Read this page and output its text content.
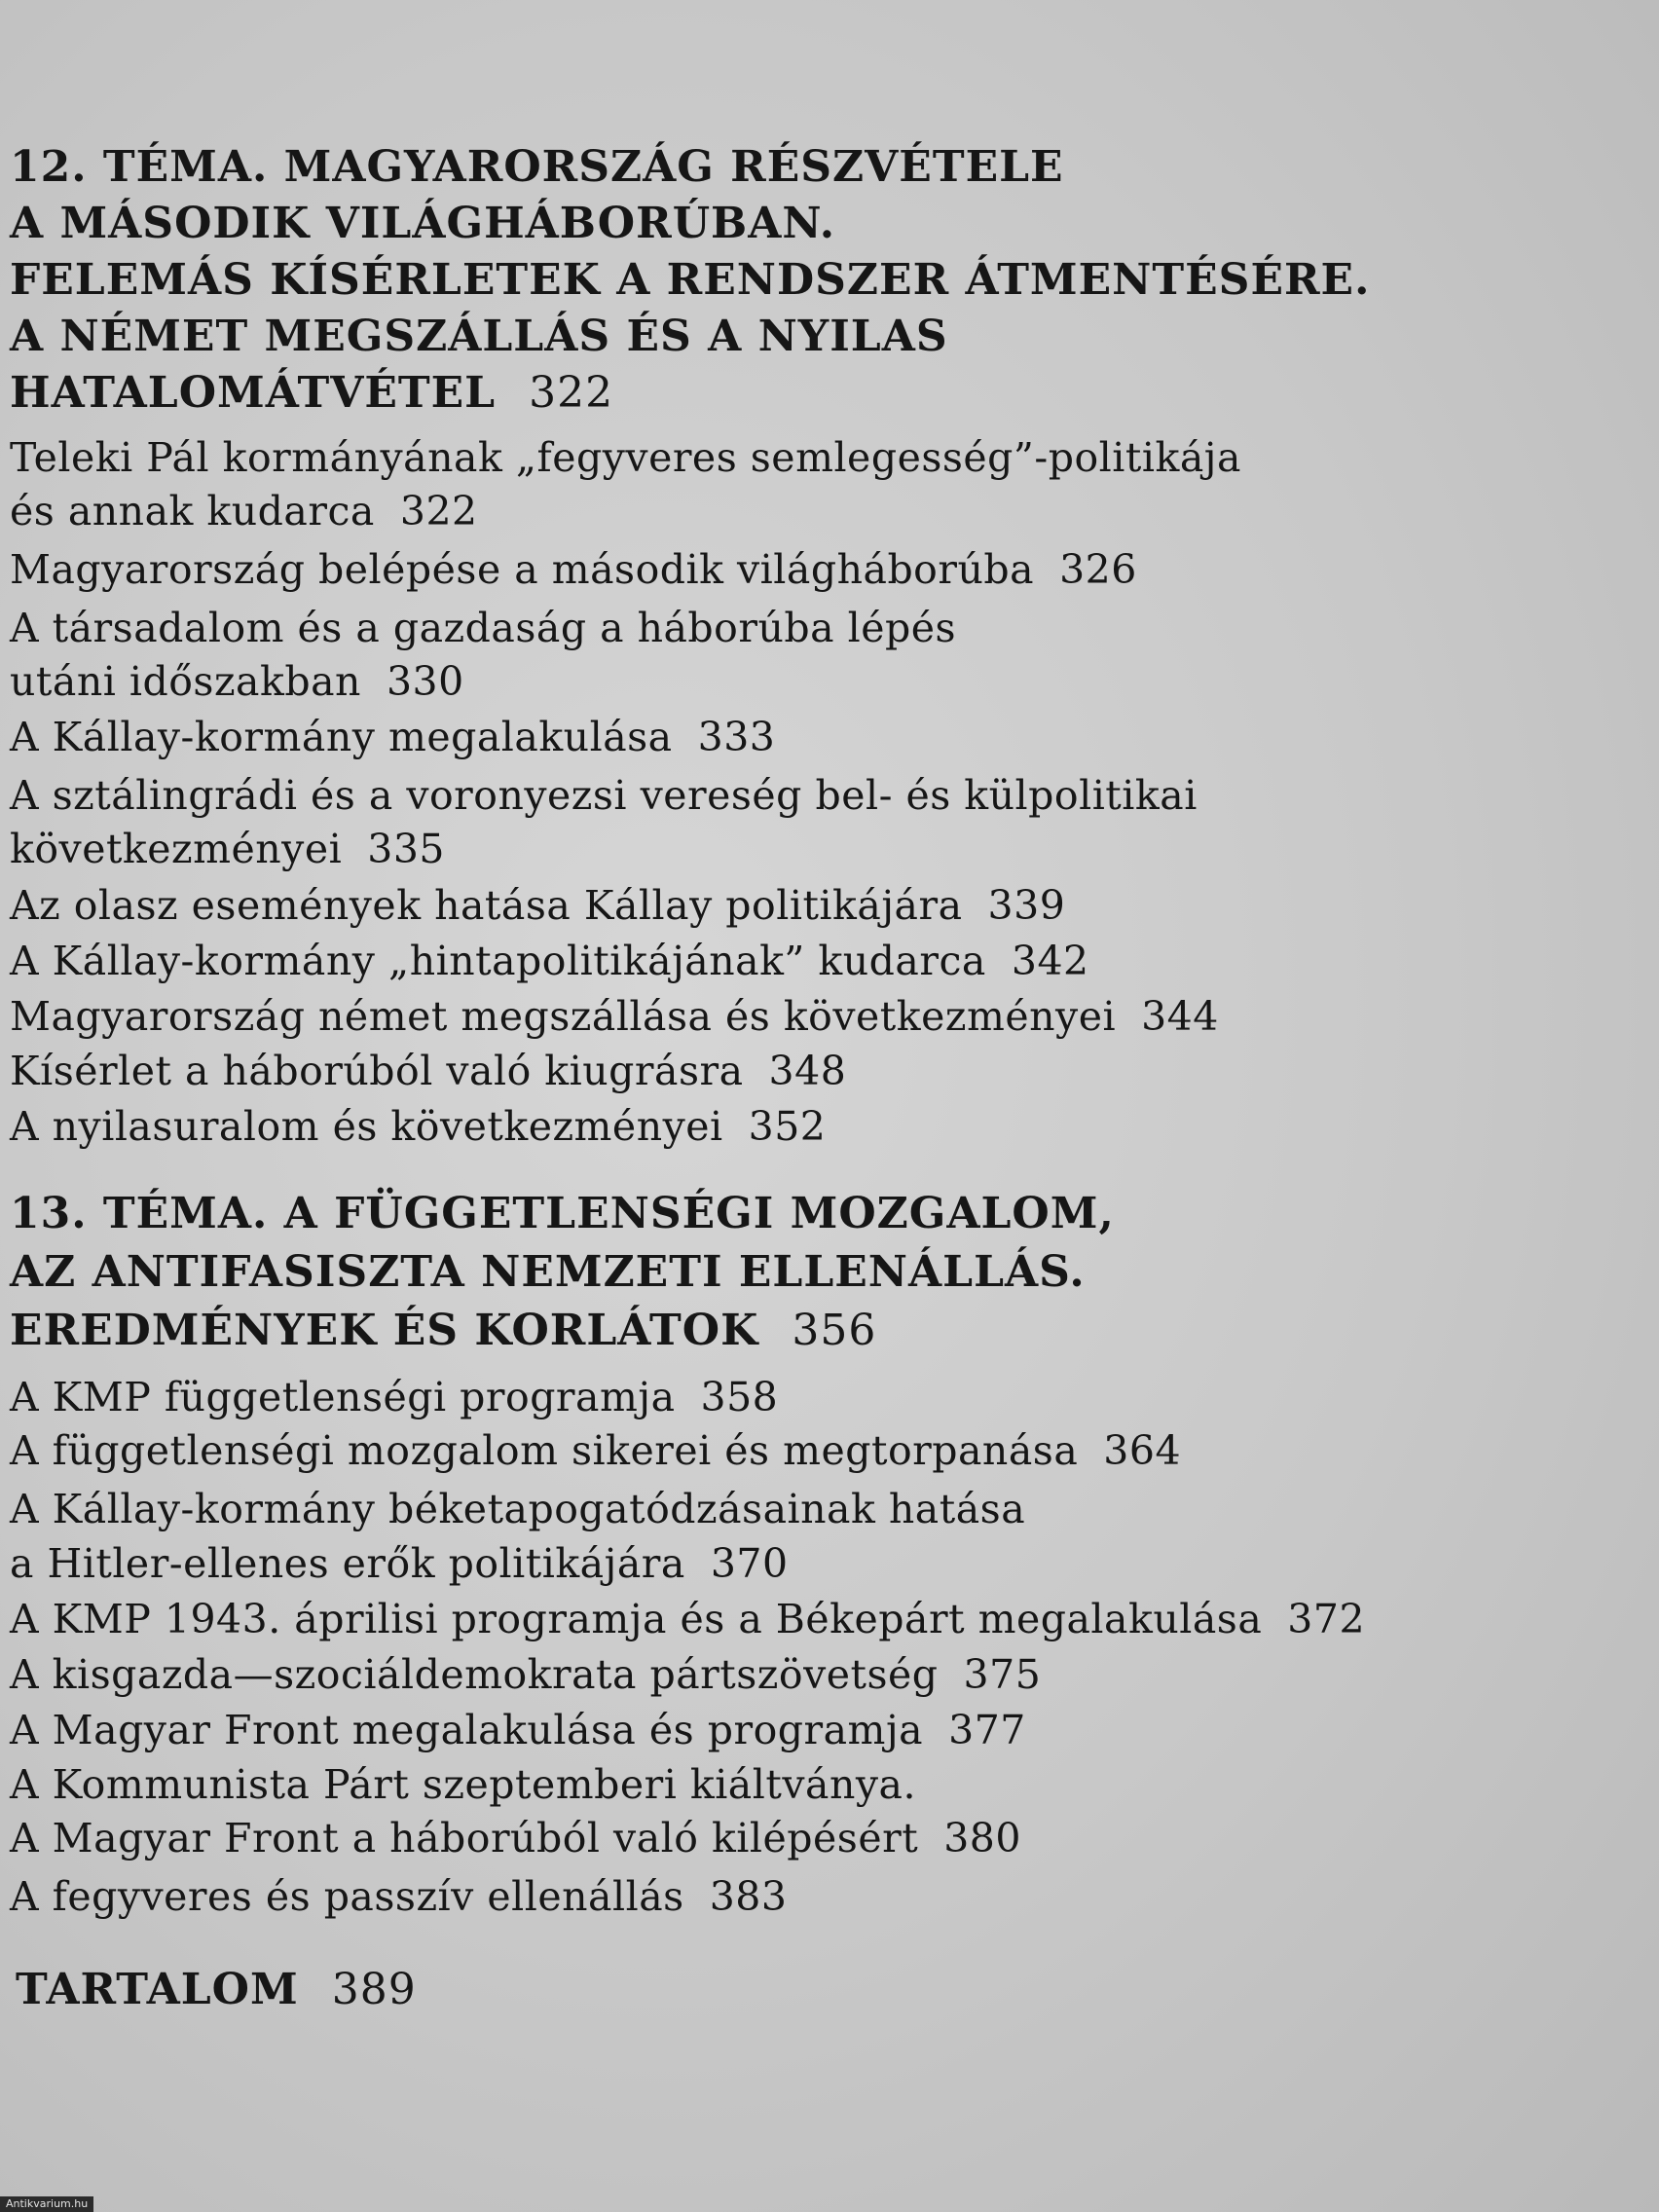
12. TÉMA. MAGYARORSZÁG RÉSZVÉTELE
A MÁSODIK VILÁGHÁBORÚBAN.
FELEMÁS KÍSÉRLETEK A RENDSZER ÁTMENTÉSÉRE.
A NÉMET MEGSZÁLLÁS ÉS A NYILAS
HATALOMÁTVÉTEL 322
Teleki Pál kormányának „fegyveres semlegesség”-politikája
és annak kudarca 322
Magyarország belépése a második világháborúba 326
A társadalom és a gazdaság a háborúba lépés
utáni időszakban 330
A Kállay-kormány megalakulása 333
A sztálingrádi és a voronyezsi vereség bel- és külpolitikai
következményei 335
Az olasz események hatása Kállay politikájára 339
A Kállay-kormány „hintapolitikájának” kudarca 342
Magyarország német megszállása és következményei 344
Kísérlet a háborúból való kiugrásra 348
A nyilasuralom és következményei 352
13. TÉMA. A FÜGGETLENSÉGI MOZGALOM,
AZ ANTIFASISZTA NEMZETI ELLENÁLLÁS.
EREDMÉNYEK ÉS KORLÁTOK 356
A KMP függetlenségi programja 358
A függetlenségi mozgalom sikerei és megtorpanása 364
A Kállay-kormány béketapogatódzásainak hatása
a Hitler-ellenes erők politikájára 370
A KMP 1943. áprilisi programja és a Békepárt megalakulása 372
A kisgazda—szociáldemokrata pártszövetség 375
A Magyar Front megalakulása és programja 377
A Kommunista Párt szeptemberi kiáltványa.
A Magyar Front a háborúból való kilépésért 380
A fegyveres és passzív ellenállás 383
TARTALOM 389
Antikvarium.hu
